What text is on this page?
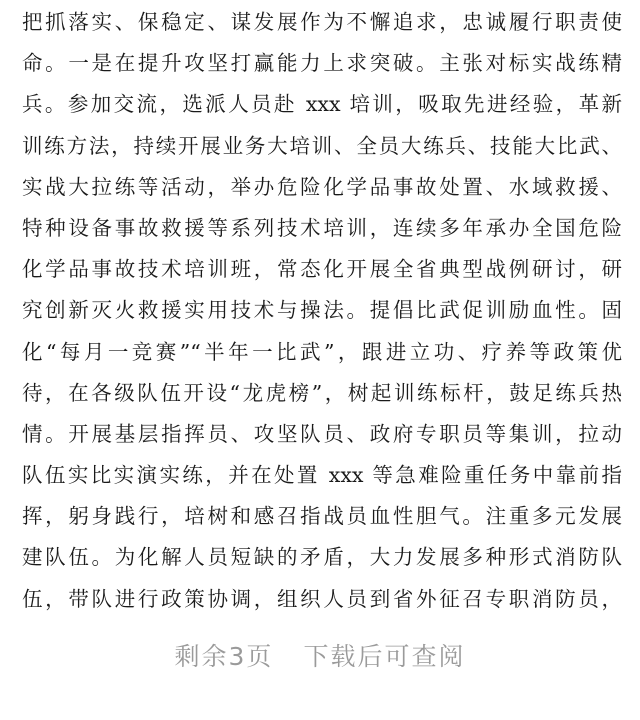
把抓落实、保稳定、谋发展作为不懈追求，忠诚履行职责使
命。一是在提升攻坚打赢能力上求突破。主张对标实战练精
兵。参加交流，选派人员赴 xxx 培训，吸取先进经验，革新
训练方法，持续开展业务大培训、全员大练兵、技能大比武、
实战大拉练等活动，举办危险化学品事故处置、水域救援、
特种设备事故救援等系列技术培训，连续多年承办全国危险
化学品事故技术培训班，常态化开展全省典型战例研讨，研
究创新灭火救援实用技术与操法。提倡比武促训励血性。固
化“每月一竞赛”“半年一比武”，跟进立功、疗养等政策优
待，在各级队伍开设“龙虎榜”，树起训练标杆，鼓足练兵热
情。开展基层指挥员、攻坚队员、政府专职员等集训，拉动
队伍实比实演实练，并在处置 xxx 等急难险重任务中靠前指
挥，躬身践行，培树和感召指战员血性胆气。注重多元发展
建队伍。为化解人员短缺的矛盾，大力发展多种形式消防队
伍，带队进行政策协调，组织人员到省外征召专职消防员，
剩余3页 下载后可查阅
